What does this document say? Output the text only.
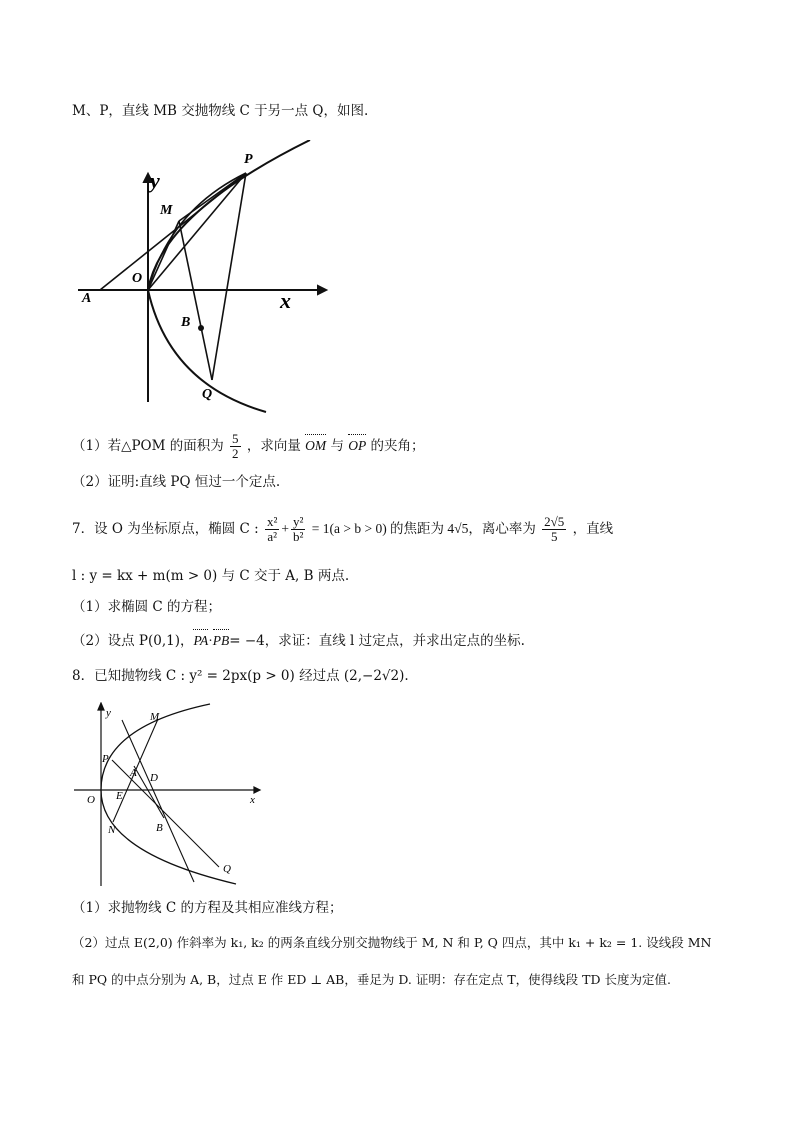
M、P，直线 MB 交抛物线 C 于另一点 Q，如图.
y
x
M
P
O
A
B
Q
（1）若△POM 的面积为 $\frac{5}{2}$ ，求向量 OM 与 OP 的夹角；
（2）证明:直线 PQ 恒过一个定点.
7．设 O 为坐标原点，椭圆 C : $\frac{\text{x²}}{\text{a²}} + \frac{\text{y²}}{\text{b²}} = 1(a > b > 0)$ 的焦距为 4√5，离心率为 $\frac{2√5}{5}$ ，直线
l : y = kx + m(m > 0) 与 C 交于 A, B 两点.
（1）求椭圆 C 的方程；
（2）设点 P(0,1)，PA·PB= −4，求证：直线 l 过定点，并求出定点的坐标.
8．已知抛物线 C : y² = 2px(p > 0) 经过点 (2,−2√2).
y
x
M
P
A D
O E
N	B
Q
（1）求抛物线 C 的方程及其相应准线方程；
（2）过点 E(2,0) 作斜率为 k₁, k₂ 的两条直线分别交抛物线于 M, N 和 P, Q 四点，其中 k₁ + k₂ = 1. 设线段 MN
和 PQ 的中点分别为 A, B，过点 E 作 ED ⊥ AB，垂足为 D. 证明：存在定点 T，使得线段 TD 长度为定值.
